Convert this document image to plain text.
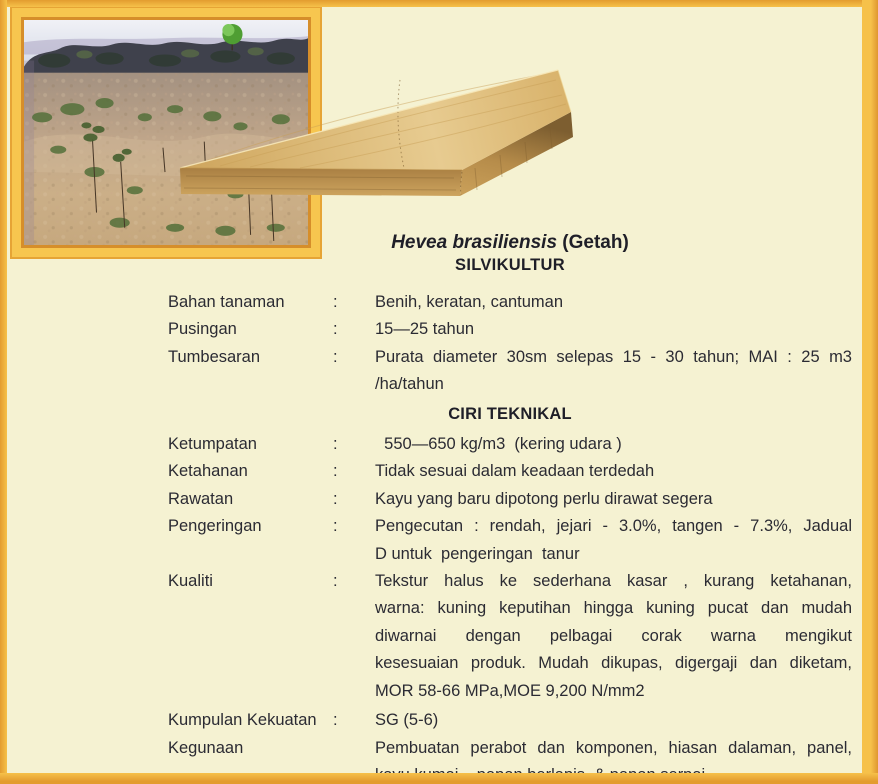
Hevea brasiliensis (Getah)
SILVIKULTUR
Bahan tanaman	: Benih, keratan, cantuman
Pusingan	: 15—25 tahun
Tumbesaran	: Purata diameter 30sm selepas 15 - 30 tahun; MAI : 25 m3
/ha/tahun
CIRI TEKNIKAL
Ketumpatan	: 550—650 kg/m3  (kering udara )
Ketahanan	: Tidak sesuai dalam keadaan terdedah
Rawatan	: Kayu yang baru dipotong perlu dirawat segera
Pengeringan	: Pengecutan : rendah, jejari - 3.0%, tangen - 7.3%, Jadual
D untuk  pengeringan  tanur
Kualiti	: Tekstur halus ke sederhana kasar , kurang ketahanan,
warna: kuning keputihan hingga kuning pucat dan mudah
diwarnai dengan pelbagai corak warna mengikut
kesesuaian produk. Mudah dikupas, digergaji dan diketam,
MOR 58-66 MPa,MOE 9,200 N/mm2
Kumpulan Kekuatan : SG (5-6)
Kegunaan	Pembuatan perabot dan komponen, hiasan dalaman, panel,
